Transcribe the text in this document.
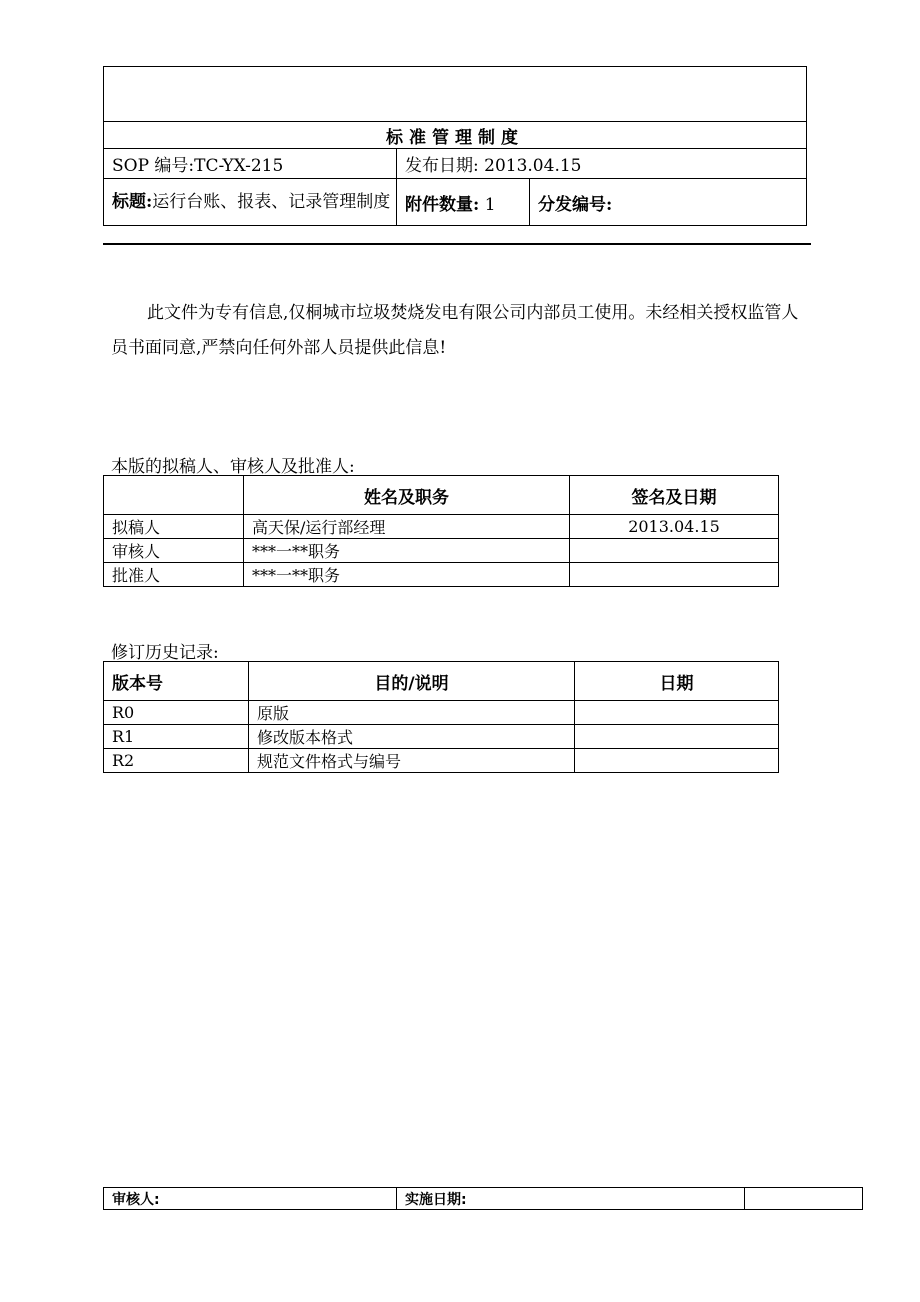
标准管理制度		
SOP 编号:TC-YX-215	发布日期: 2013.04.15	
标题:运行台账、报表、记录管理制度	附件数量: 1	分发编号:

此文件为专有信息,仅桐城市垃圾焚烧发电有限公司内部员工使用。未经相关授权监管人员书面同意,严禁向任何外部人员提供此信息!

本版的拟稿人、审核人及批准人:

	姓名及职务	签名及日期
拟稿人	高天保/运行部经理	2013.04.15
审核人	***一**职务	
批准人	***一**职务	

修订历史记录:

版本号	目的/说明	日期
R0	原版	
R1	修改版本格式	
R2	规范文件格式与编号	
审核人:	实施日期:	
